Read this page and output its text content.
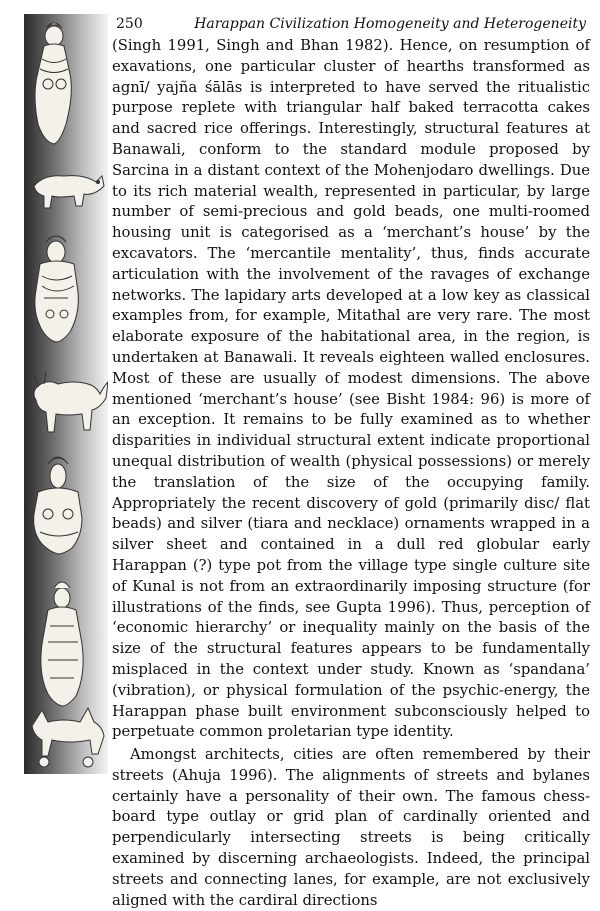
250	Harappan Civilization Homogeneity and Heterogeneity

(Singh 1991, Singh and Bhan 1982). Hence, on resumption of exavations, one particular cluster of hearths transformed as agnī/ yajña śālās is interpreted to have served the ritualistic purpose replete with triangular half baked terracotta cakes and sacred rice offerings. Interestingly, structural features at Banawali, conform to the standard module proposed by Sarcina in a distant context of the Mohenjodaro dwellings. Due to its rich material wealth, represented in particular, by large number of semi-precious and gold beads, one multi-roomed housing unit is categorised as a ‘merchant’s house’ by the excavators. The ‘mercantile mentality’, thus, finds accurate articulation with the involvement of the ravages of exchange networks. The lapidary arts developed at a low key as classical examples from, for example, Mitathal are very rare. The most elaborate exposure of the habitational area, in the region, is undertaken at Banawali. It reveals eighteen walled enclosures. Most of these are usually of modest dimensions. The above mentioned ‘merchant’s house’ (see Bisht 1984: 96) is more of an exception. It remains to be fully examined as to whether disparities in individual structural extent indicate proportional unequal distribution of wealth (physical possessions) or merely the translation of the size of the occupying family. Appropriately the recent discovery of gold (primarily disc/ flat beads) and silver (tiara and necklace) ornaments wrapped in a silver sheet and contained in a dull red globular early Harappan (?) type pot from the village type single culture site of Kunal is not from an extraordinarily imposing structure (for illustrations of the finds, see Gupta 1996). Thus, perception of ‘economic hierarchy’ or inequality mainly on the basis of the size of the structural features appears to be fundamentally misplaced in the context under study. Known as ‘spandana’ (vibration), or physical formulation of the psychic-energy, the Harappan phase built environment subconsciously helped to perpetuate common proletarian type identity.

Amongst architects, cities are often remembered by their streets (Ahuja 1996). The alignments of streets and bylanes certainly have a personality of their own. The famous chess-board type outlay or grid plan of cardinally oriented and perpendicularly intersecting streets is being critically examined by discerning archaeologists. Indeed, the principal streets and connecting lanes, for example, are not exclusively aligned with the cardiral directions
